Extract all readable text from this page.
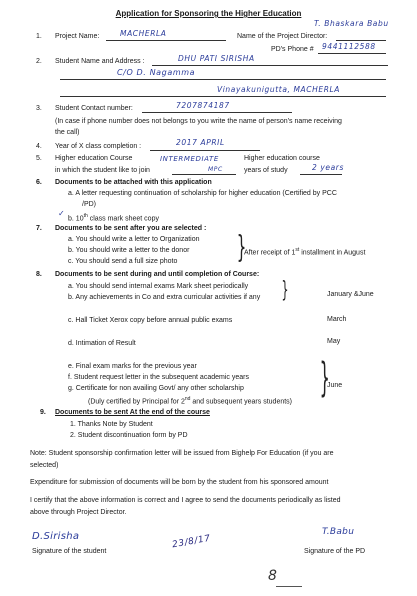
Application for Sponsoring the Higher Education
1. Project Name:	MACHERLA	Name of the Project Director:
T. Bhaskara Babu
PD's Phone # 9441112588
2. Student Name and Address :	DHU PATI SIRISHA
C/O D. Nagamma
Vinayakunigutta, MACHERLA
3. Student Contact number:	7207874187
(In case if phone number does not belongs to you write the name of person's name receiving
the call)
4. Year of X class completion :	2017 APRIL
5. Higher education Course
in which the student like to join
INTERMEDIATE
MPC
Higher education course
years of study	2 years
6. Documents to be attached with this application
a. A letter requesting continuation of scholarship for higher education (Certified by PCC
/PD)
✓
b. 10th class mark sheet copy
7. Documents to be sent after you are selected :
a. You should write a letter to Organization
b. You should write a letter to the donor
c. You should send a full size photo }
After receipt of 1st installment in August
8. Documents to be sent during and until completion of Course:
a. You should send internal exams Mark sheet periodically
b. Any achievements in Co and extra curricular activities if any }	January &June
c. Hall Ticket Xerox copy before annual public exams	March
d. Intimation of Result	May
e. Final exam marks for the previous year
f. Student request letter in the subsequent academic years
g. Certificate for non availing Govt/ any other scholarship
(Duly certified by Principal for 2nd and subsequent years students)
}
June
9. Documents to be sent At the end of the course
1. Thanks Note by Student
2. Student discontinuation form by PD
Note: Student sponsorship confirmation letter will be issued from Bighelp For Education (if you are
selected)
Expenditure for submission of documents will be born by the student from his sponsored amount
I certify that the above information is correct and I agree to send the documents periodically as listed
above through Project Director.
D.Sirisha
Signature of the student
23/8/17
T.Babu
Signature of the PD
8
